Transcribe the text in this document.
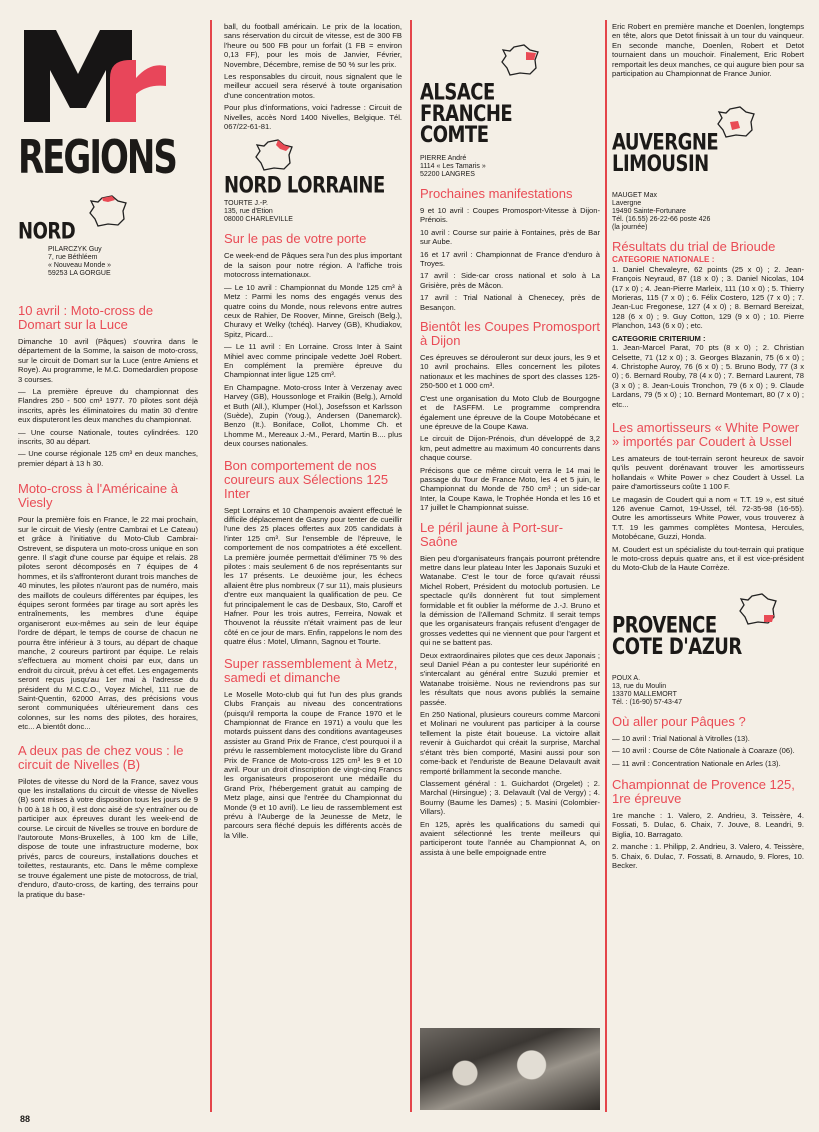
REGIONS
NORD
PILARCZYK Guy
7, rue Béthléem
« Nouveau Monde »
59253 LA GORGUE
10 avril : Moto-cross de Domart sur la Luce

Dimanche 10 avril (Pâques) s'ouvrira dans le département de la Somme, la saison de moto-cross, sur le circuit de Domart sur la Luce (entre Amiens et Roye). Au programme, le M.C. Domedardien propose 3 courses.

— La première épreuve du championnat des Flandres 250 - 500 cm³ 1977. 70 pilotes sont déjà inscrits, après les éliminatoires du matin 30 d'entre eux disputeront les deux manches du championnat.

— Une course Nationale, toutes cylindrées. 120 inscrits, 30 au départ.

— Une course régionale 125 cm³ en deux manches, premier départ à 13 h 30.

Moto-cross à l'Américaine à Viesly

Pour la première fois en France, le 22 mai prochain, sur le circuit de Viesly (entre Cambrai et Le Cateau) et grâce à l'initiative du Moto-Club Cambrai-Ostrevent, se disputera un moto-cross unique en son genre. Il s'agit d'une course par équipe et relais. 28 pilotes seront décomposés en 7 équipes de 4 hommes, et ils s'affronteront durant trois manches de 40 minutes, les pilotes n'auront pas de numéro, mais des maillots de couleurs différentes par équipes, les équipes seront formées par tirage au sort après les entraînements, les membres d'une équipe organiseront eux-mêmes au sein de leur équipe l'ordre de départ, le temps de course de chacun ne pourra être inférieur à 3 tours, au départ de chaque manche, 2 coureurs partiront par équipe. Le relais s'effectuera au moment choisi par eux, dans un endroit du circuit, prévu à cet effet. Les engagements seront reçus jusqu'au 1er mai à l'adresse du président du M.C.C.O., Voyez Michel, 111 rue de Saint-Quentin, 62000 Arras, des précisions vous seront communiquées ultérieurement dans ces colonnes, sur les noms des pilotes, des horaires, etc... A bientôt donc...

A deux pas de chez vous : le circuit de Nivelles (B)

Pilotes de vitesse du Nord de la France, savez vous que les installations du circuit de vitesse de Nivelles (B) sont mises à votre disposition tous les jours de 9 h 00 à 18 h 00, il est donc aisé de s'y entraîner ou de participer aux épreuves durant les week-end de course. Le circuit de Nivelles se trouve en bordure de l'autoroute Mons-Bruxelles, à 100 km de Lille, dispose de toute une infrastructure moderne, box privés, parcs de coureurs, installations douches et toilettes, restaurants, etc. Dans le même complexe se trouve également une piste de motocross, de trial, d'enduro, d'auto-cross, de karting, des terrains pour la pratique du base-

88

ball, du football américain. Le prix de la location, sans réservation du circuit de vitesse, est de 300 FB l'heure ou 500 FB pour un forfait (1 FB = environ 0,13 FF), pour les mois de Janvier, Février, Novembre, Décembre, remise de 50 % sur les prix.

Les responsables du circuit, nous signalent que le meilleur accueil sera réservé à toute organisation d'une concentration motos.

Pour plus d'informations, voici l'adresse : Circuit de Nivelles, accès Nord 1400 Nivelles, Belgique. Tél. 067/22-61-81.

NORD LORRAINE
TOURTE J.-P.
135, rue d'Etion
08000 CHARLEVILLE
Sur le pas de votre porte

Ce week-end de Pâques sera l'un des plus important de la saison pour notre région. A l'affiche trois motocross internationaux.

— Le 10 avril : Championnat du Monde 125 cm³ à Metz : Parmi les noms des engagés venus des quatre coins du Monde, nous relevons entre autres ceux de Rahier, De Roover, Minne, Greisch (Belg.), Churavy et Welky (tchéq). Harvey (GB), Khudiakov, Spitz, Picard...

— Le 11 avril : En Lorraine. Cross Inter à Saint Mihiel avec comme principale vedette Joël Robert. En complément la première épreuve du Championnat inter ligue 125 cm³.

En Champagne. Moto-cross Inter à Verzenay avec Harvey (GB), Houssonloge et Fraikin (Belg.), Arnold et Buth (All.), Klumper (Hol.), Josefsson et Karlsson (Suède), Zupin (Youg.), Andersen (Danemarck). Benzo (It.). Boniface, Collot, Lhomme Ch. et Lhomme M., Mereaux J.-M., Perard, Martin B.... plus deux courses nationales.

Bon comportement de nos coureurs aux Sélections 125 Inter

Sept Lorrains et 10 Champenois avaient effectué le difficile déplacement de Gasny pour tenter de cueillir l'une des 25 places offertes aux 205 candidats à l'inter 125 cm³. Sur l'ensemble de l'épreuve, le comportement de nos compatriotes a été excellent. La première journée permettait d'éliminer 75 % des pilotes : mais seulement 6 de nos représentants sur les 17 présents. Le deuxième jour, les échecs allaient être plus nombreux (7 sur 11), mais plusieurs d'entre eux manquaient la qualification de peu. Ce fut principalement le cas de Desbaux, Sto, Caroff et Hafner. Pour les trois autres, Ferreira, Nowak et Thouvenot la réussite n'était vraiment pas de leur côté en ce jour de mars. Enfin, rappelons le nom des quatre élus : Motel, Ulmann, Sagnou et Tourte.

Super rassemblement à Metz, samedi et dimanche

Le Moselle Moto-club qui fut l'un des plus grands Clubs Français au niveau des concentrations (puisqu'il remporta la coupe de France 1970 et le Championnat de France en 1971) a voulu que les motards puissent dans des conditions avantageuses assister au Grand Prix de France, c'est pourquoi il a prévu le rassemblement motocycliste libre du Grand Prix de France de Moto-cross 125 cm³ les 9 et 10 avril. Pour un droit d'inscription de vingt-cinq Francs les organisateurs proposeront une médaille du Grand Prix, l'hébergement gratuit au camping de Metz plage, ainsi que l'entrée du Championnat du Monde (9 et 10 avril). Le lieu de rassemblement est prévu à l'Auberge de la Jeunesse de Metz, le parcours sera fléché depuis les différents accès de la Ville.

ALSACE FRANCHE COMTE
PIERRE André
1114 « Les Tamaris »
52200 LANGRES
Prochaines manifestations

9 et 10 avril : Coupes Promosport-Vitesse à Dijon-Prénois.

10 avril : Course sur pairie à Fontaines, près de Bar sur Aube.

16 et 17 avril : Championnat de France d'enduro à Troyes.

17 avril : Side-car cross national et solo à La Grisière, près de Mâcon.

17 avril : Trial National à Chenecey, près de Besançon.

Bientôt les Coupes Promosport à Dijon

Ces épreuves se dérouleront sur deux jours, les 9 et 10 avril prochains. Elles concernent les pilotes nationaux et les machines de sport des classes 125-250-500 et 1 000 cm³.

C'est une organisation du Moto Club de Bourgogne et de l'ASFFM. Le programme comprendra également une épreuve de la Coupe Motobécane et une épreuve de la Coupe Kawa.

Le circuit de Dijon-Prénois, d'un développé de 3,2 km, peut admettre au maximum 40 concurrents dans chaque course.

Précisons que ce même circuit verra le 14 mai le passage du Tour de France Moto, les 4 et 5 juin, le Championnat du Monde de 750 cm³ ; un side-car Inter, la Coupe Kawa, le Trophée Honda et les 16 et 17 juillet le Championnat suisse.

Le péril jaune à Port-sur-Saône

Bien peu d'organisateurs français pourront prétendre mettre dans leur plateau Inter les Japonais Suzuki et Watanabe. C'est le tour de force qu'avait réussi Michel Robert, Président du motoclub portusien. Le spectacle qu'ils donnèrent fut tout simplement formidable et fit oublier la méforme de J.-J. Bruno et la démission de l'Allemand Schmitz. Il serait temps que les organisateurs français refusent d'engager de grosses vedettes qui ne viennent que pour l'argent et qui ne se battent pas.

Deux extraordinaires pilotes que ces deux Japonais ; seul Daniel Péan a pu contester leur supériorité en s'intercalant au général entre Suzuki premier et Watanabe troisième. Nous ne reviendrons pas sur les résultats que nous avons publiés la semaine passée.

En 250 National, plusieurs coureurs comme Marconi et Molinari ne voulurent pas participer à la course tellement la piste était boueuse. La victoire allait revenir à Guichardot qui créait la surprise, Marchal s'étant très bien comporté, Masini aussi pour son come-back et l'enduriste de Beaune Delavault avait remporté brillamment la seconde manche.

Classement général : 1. Guichardot (Orgelet) ; 2. Marchal (Hirsingue) ; 3. Delavault (Val de Vergy) ; 4. Bourny (Baume les Dames) ; 5. Masini (Colombier-Villars).

En 125, après les qualifications du samedi qui avaient sélectionné les trente meilleurs qui participeront toute l'année au Championnat A, on assista à une belle empoignade entre

Eric Robert en première manche et Doenlen, longtemps en tête, alors que Detot finissait à un tour du vainqueur. En seconde manche, Doenlen, Robert et Detot tournaient dans un mouchoir. Finalement, Eric Robert remportait les deux manches, ce qui augure bien pour sa participation au Championnat de France Junior.

AUVERGNE LIMOUSIN
MAUGET Max
Lavergne
19490 Sainte-Fortunare
Tél. (16.55) 26-22-66 poste 426
(la journée)
Résultats du trial de Brioude
CATEGORIE NATIONALE :

1. Daniel Chevaleyre, 62 points (25 x 0) ; 2. Jean-François Neyraud, 87 (18 x 0) ; 3. Daniel Nicolas, 104 (17 x 0) ; 4. Jean-Pierre Marleix, 111 (10 x 0) ; 5. Thierry Morieras, 115 (7 x 0) ; 6. Félix Costero, 125 (7 x 0) ; 7. Jean-Luc Fregonese, 127 (4 x 0) ; 8. Bernard Bereizat, 128 (6 x 0) ; 9. Guy Cotton, 129 (9 x 0) ; 10. Pierre Planchon, 143 (6 x 0) ; etc.

CATEGORIE CRITERIUM :

1. Jean-Marcel Parat, 70 pts (8 x 0) ; 2. Christian Celsette, 71 (12 x 0) ; 3. Georges Blazanin, 75 (6 x 0) ; 4. Christophe Auroy, 76 (6 x 0) ; 5. Bruno Body, 77 (3 x 0) ; 6. Bernard Rouby, 78 (4 x 0) ; 7. Bernard Laurent, 78 (3 x 0) ; 8. Jean-Louis Tronchon, 79 (6 x 0) ; 9. Claude Lardans, 79 (5 x 0) ; 10. Bernard Montemart, 80 (7 x 0) ; etc...

Les amortisseurs « White Power » importés par Coudert à Ussel

Les amateurs de tout-terrain seront heureux de savoir qu'ils peuvent dorénavant trouver les amortisseurs hollandais « White Power » chez Coudert à Ussel. La paire d'amortisseurs coûte 1 100 F.

Le magasin de Coudert qui a nom « T.T. 19 », est situé 126 avenue Carnot, 19-Ussel, tél. 72-35-98 (16-55). Outre les amortisseurs White Power, vous trouverez à T.T. 19 les gammes complètes Montesa, Hercules, Motobécane, Guzzi, Honda.

M. Coudert est un spécialiste du tout-terrain qui pratique le moto-cross depuis quatre ans, et il est vice-président du Moto-Club de la Haute Corrèze.

PROVENCE COTE D'AZUR
POUX A.
13, rue du Moulin
13370 MALLEMORT
Tél. : (16-90) 57-43-47
Où aller pour Pâques ?

— 10 avril : Trial National à Vitrolles (13).

— 10 avril : Course de Côte Nationale à Coaraze (06).

— 11 avril : Concentration Nationale en Arles (13).

Championnat de Provence 125, 1re épreuve

1re manche : 1. Valero, 2. Andrieu, 3. Teissère, 4. Fossati, 5. Dulac, 6. Chaix, 7. Jouve, 8. Leandri, 9. Biglia, 10. Barragato.

2. manche : 1. Philipp, 2. Andrieu, 3. Valero, 4. Teissère, 5. Chaix, 6. Dulac, 7. Fossati, 8. Arnaudo, 9. Flores, 10. Becker.
